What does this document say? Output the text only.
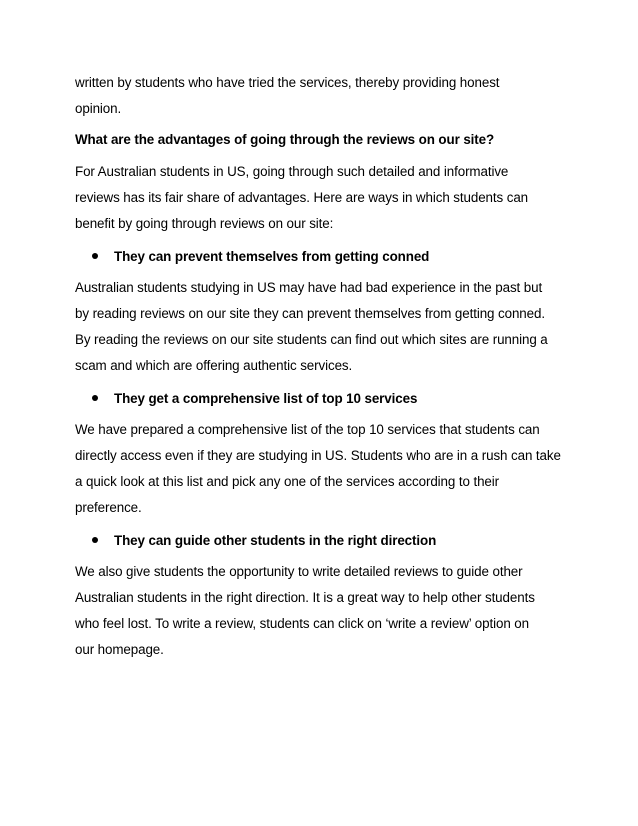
written by students who have tried the services, thereby providing honest
opinion.
What are the advantages of going through the reviews on our site?
For Australian students in US, going through such detailed and informative
reviews has its fair share of advantages. Here are ways in which students can
benefit by going through reviews on our site:
They can prevent themselves from getting conned
Australian students studying in US may have had bad experience in the past but
by reading reviews on our site they can prevent themselves from getting conned.
By reading the reviews on our site students can find out which sites are running a
scam and which are offering authentic services.
They get a comprehensive list of top 10 services
We have prepared a comprehensive list of the top 10 services that students can
directly access even if they are studying in US. Students who are in a rush can take
a quick look at this list and pick any one of the services according to their
preference.
They can guide other students in the right direction
We also give students the opportunity to write detailed reviews to guide other
Australian students in the right direction. It is a great way to help other students
who feel lost. To write a review, students can click on ‘write a review’ option on
our homepage.
